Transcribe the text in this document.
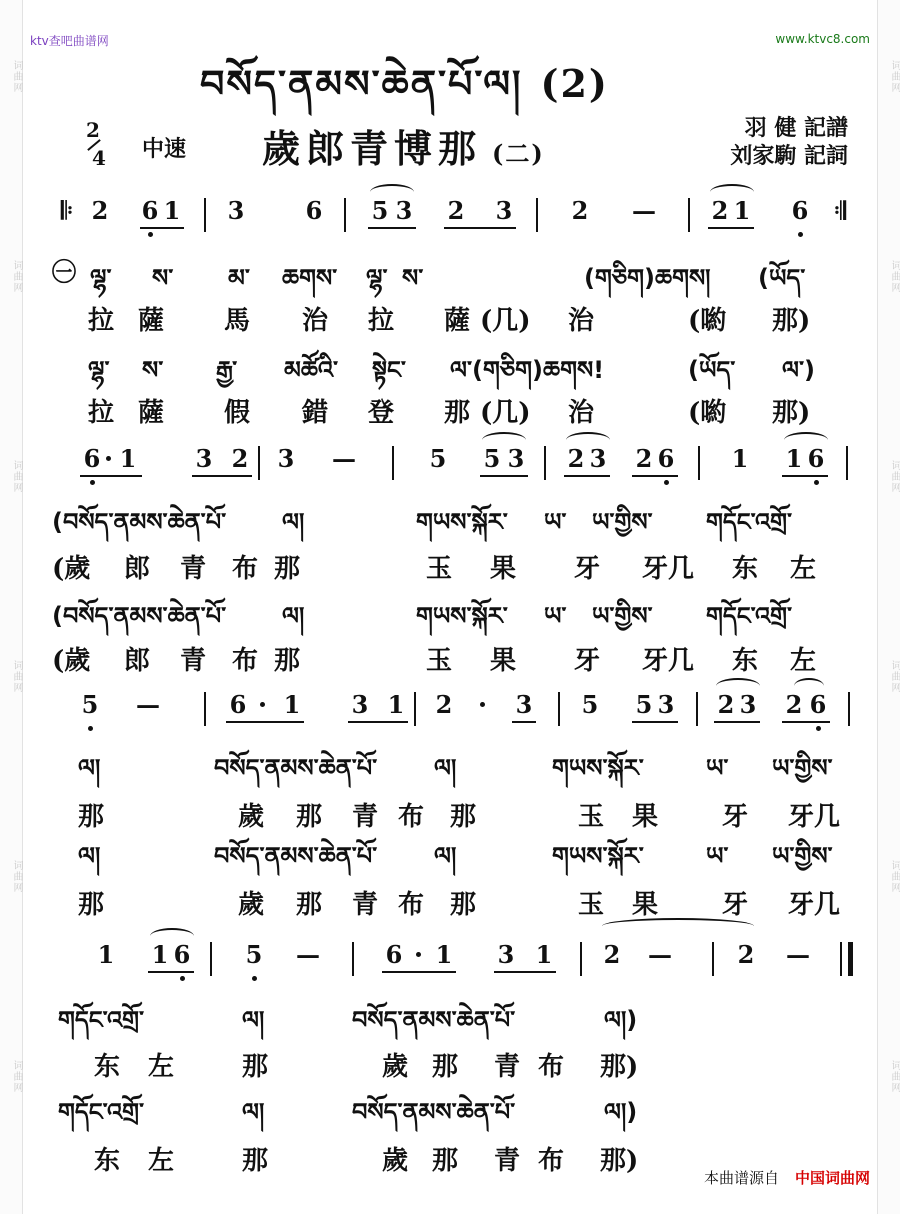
词曲网
词曲网
词曲网
词曲网
词曲网
词曲网
词曲网
词曲网
词曲网
词曲网
词曲网
词曲网
ktv查吧曲谱网	www.ktvc8.com
བསོད་ནམས་ཆེན་པོ་ལ། (2)
2
4 中速 歲郎青博那 (二)
羽 健 記譜
刘家駒 記詞
𝄆 2 6 1 3	6 5 3 2 3 2	—	2 1 6	𝄇
㊀ ལྷ་ ས་ མ་ ཆགས་ ལྷ་ ས་	(གཅིག)ཆགས། (ཡོད་
拉 薩 馬 治 拉 薩 (几) 治	(喲 那)
ལྷ་ ས་ རྒྱ་ མཚོའི་ སྟེང་ ལ་ (གཅིག)ཆགས!	(ཡོད་ ལ་)
拉 薩 假 錯 登 那 (几) 治	(喲 那)
6 1 3 2 3	—	5 5 3 2 3 2 6 1 1 6
(བསོད་ནམས་ཆེན་པོ་ ལ།	གཡས་སྐོར་ ཡ་ ཡ་གྱིས་ གདོང་འགྲོ་
(歲 郎 青 布 那	玉 果 牙 牙几 东 左
(བསོད་ནམས་ཆེན་པོ་ ལ།	གཡས་སྐོར་ ཡ་ ཡ་གྱིས་ གདོང་འགྲོ་
(歲 郎 青 布 那	玉 果 牙 牙几 东 左
5	—	6 1 3 1 2	3 5 5 3 2 3 2 6
ལ།	བསོད་ནམས་ཆེན་པོ་ ལ།	གཡས་སྐོར་	ཡ་ ཡ་གྱིས་
那	歲 那 青 布 那	玉 果 牙 牙几
ལ།	བསོད་ནམས་ཆེན་པོ་ ལ།	གཡས་སྐོར་	ཡ་ ཡ་གྱིས་
那	歲 那 青 布 那	玉 果 牙 牙几
1 1 6 5	—	6 1 3 1 2	—	2	—
གདོང་འགྲོ་	ལ།	བསོད་ནམས་ཆེན་པོ་	ལ།)
东 左	那	歲 那 青 布 那)
གདོང་འགྲོ་	ལ།	བསོད་ནམས་ཆེན་པོ་	ལ།)
东 左	那	歲 那 青 布 那)
本曲谱源自 中国词曲网
